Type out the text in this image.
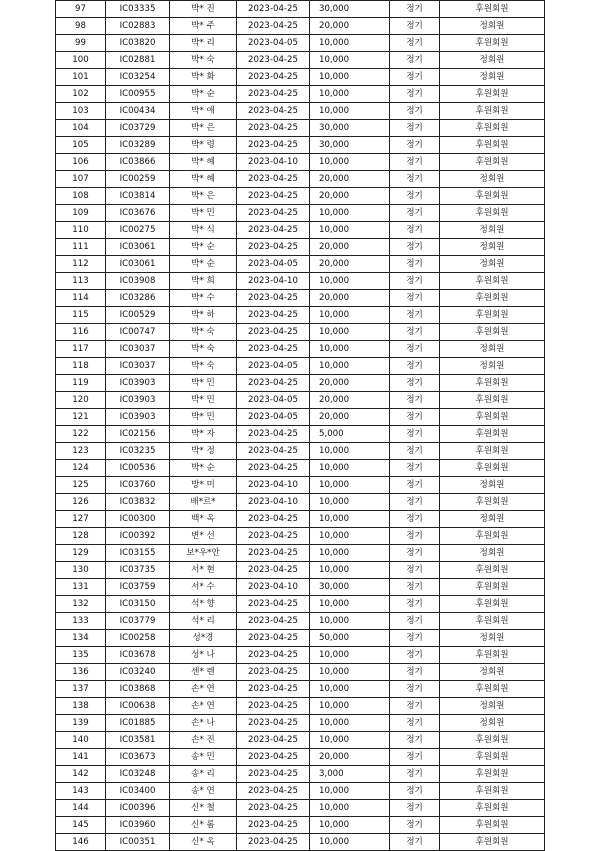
97	IC03335	박* 진	2023-04-25	30,000	정기	후원회원
98	IC02883	박* 주	2023-04-25	20,000	정기	정회원
99	IC03820	박* 리	2023-04-05	10,000	정기	후원회원
100	IC02881	박* 숙	2023-04-25	10,000	정기	정회원
101	IC03254	박* 화	2023-04-25	10,000	정기	정회원
102	IC00955	박* 순	2023-04-25	10,000	정기	후원회원
103	IC00434	박* 애	2023-04-25	10,000	정기	후원회원
104	IC03729	박* 은	2023-04-25	30,000	정기	후원회원
105	IC03289	박* 령	2023-04-25	30,000	정기	후원회원
106	IC03866	박* 혜	2023-04-10	10,000	정기	후원회원
107	IC00259	박* 혜	2023-04-25	20,000	정기	정회원
108	IC03814	박* 은	2023-04-25	20,000	정기	후원회원
109	IC03676	박* 민	2023-04-25	10,000	정기	후원회원
110	IC00275	박* 식	2023-04-25	10,000	정기	정회원
111	IC03061	박* 순	2023-04-25	20,000	정기	정회원
112	IC03061	박* 순	2023-04-05	20,000	정기	정회원
113	IC03908	박* 희	2023-04-10	10,000	정기	후원회원
114	IC03286	박* 수	2023-04-25	20,000	정기	후원회원
115	IC00529	박* 하	2023-04-25	10,000	정기	후원회원
116	IC00747	박* 숙	2023-04-25	10,000	정기	후원회원
117	IC03037	박* 숙	2023-04-25	10,000	정기	정회원
118	IC03037	박* 숙	2023-04-05	10,000	정기	정회원
119	IC03903	박* 민	2023-04-25	20,000	정기	후원회원
120	IC03903	박* 민	2023-04-05	20,000	정기	후원회원
121	IC03903	박* 민	2023-04-05	20,000	정기	후원회원
122	IC02156	박* 자	2023-04-25	5,000	정기	후원회원
123	IC03235	박* 정	2023-04-25	10,000	정기	후원회원
124	IC00536	박* 순	2023-04-25	10,000	정기	후원회원
125	IC03760	방* 미	2023-04-10	10,000	정기	정회원
126	IC03832	배*르*	2023-04-10	10,000	정기	후원회원
127	IC00300	백* 옥	2023-04-25	10,000	정기	정회원
128	IC00392	변* 선	2023-04-25	10,000	정기	후원회원
129	IC03155	보*우*안	2023-04-25	10,000	정기	정회원
130	IC03735	서* 현	2023-04-25	10,000	정기	후원회원
131	IC03759	서* 수	2023-04-10	30,000	정기	후원회원
132	IC03150	석* 향	2023-04-25	10,000	정기	후원회원
133	IC03779	석* 리	2023-04-25	10,000	정기	후원회원
134	IC00258	성*경	2023-04-25	50,000	정기	정회원
135	IC03678	성* 나	2023-04-25	10,000	정기	후원회원
136	IC03240	센* 렌	2023-04-25	10,000	정기	정회원
137	IC03868	손* 연	2023-04-25	10,000	정기	후원회원
138	IC00638	손* 연	2023-04-25	10,000	정기	정회원
139	IC01885	손* 나	2023-04-25	10,000	정기	정회원
140	IC03581	손* 진	2023-04-25	10,000	정기	후원회원
141	IC03673	송* 민	2023-04-25	20,000	정기	후원회원
142	IC03248	송* 리	2023-04-25	3,000	정기	후원회원
143	IC03400	송* 연	2023-04-25	10,000	정기	후원회원
144	IC00396	신* 철	2023-04-25	10,000	정기	후원회원
145	IC03960	신* 롬	2023-04-25	10,000	정기	후원회원
146	IC00351	신* 옥	2023-04-25	10,000	정기	후원회원
